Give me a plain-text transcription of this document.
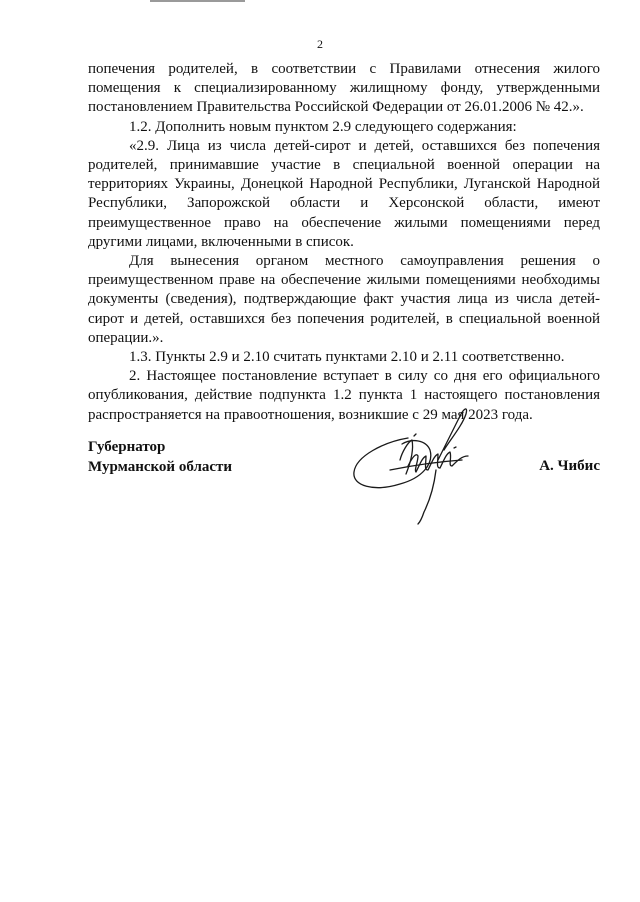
2

попечения родителей, в соответствии с Правилами отнесения жилого помещения к специализированному жилищному фонду, утвержденными постановлением Правительства Российской Федерации от 26.01.2006 № 42.».

1.2. Дополнить новым пунктом 2.9 следующего содержания:

«2.9. Лица из числа детей-сирот и детей, оставшихся без попечения родителей, принимавшие участие в специальной военной операции на территориях Украины, Донецкой Народной Республики, Луганской Народной Республики, Запорожской области и Херсонской области, имеют преимущественное право на обеспечение жилыми помещениями перед другими лицами, включенными в список.

Для вынесения органом местного самоуправления решения о преимущественном праве на обеспечение жилыми помещениями необходимы документы (сведения), подтверждающие факт участия лица из числа детей-сирот и детей, оставшихся без попечения родителей, в специальной военной операции.».

1.3. Пункты 2.9 и 2.10 считать пунктами 2.10 и 2.11 соответственно.

2. Настоящее постановление вступает в силу со дня его официального опубликования, действие подпункта 1.2 пункта 1 настоящего постановления распространяется на правоотношения, возникшие с 29 мая 2023 года.

Губернатор
Мурманской области	А. Чибис
